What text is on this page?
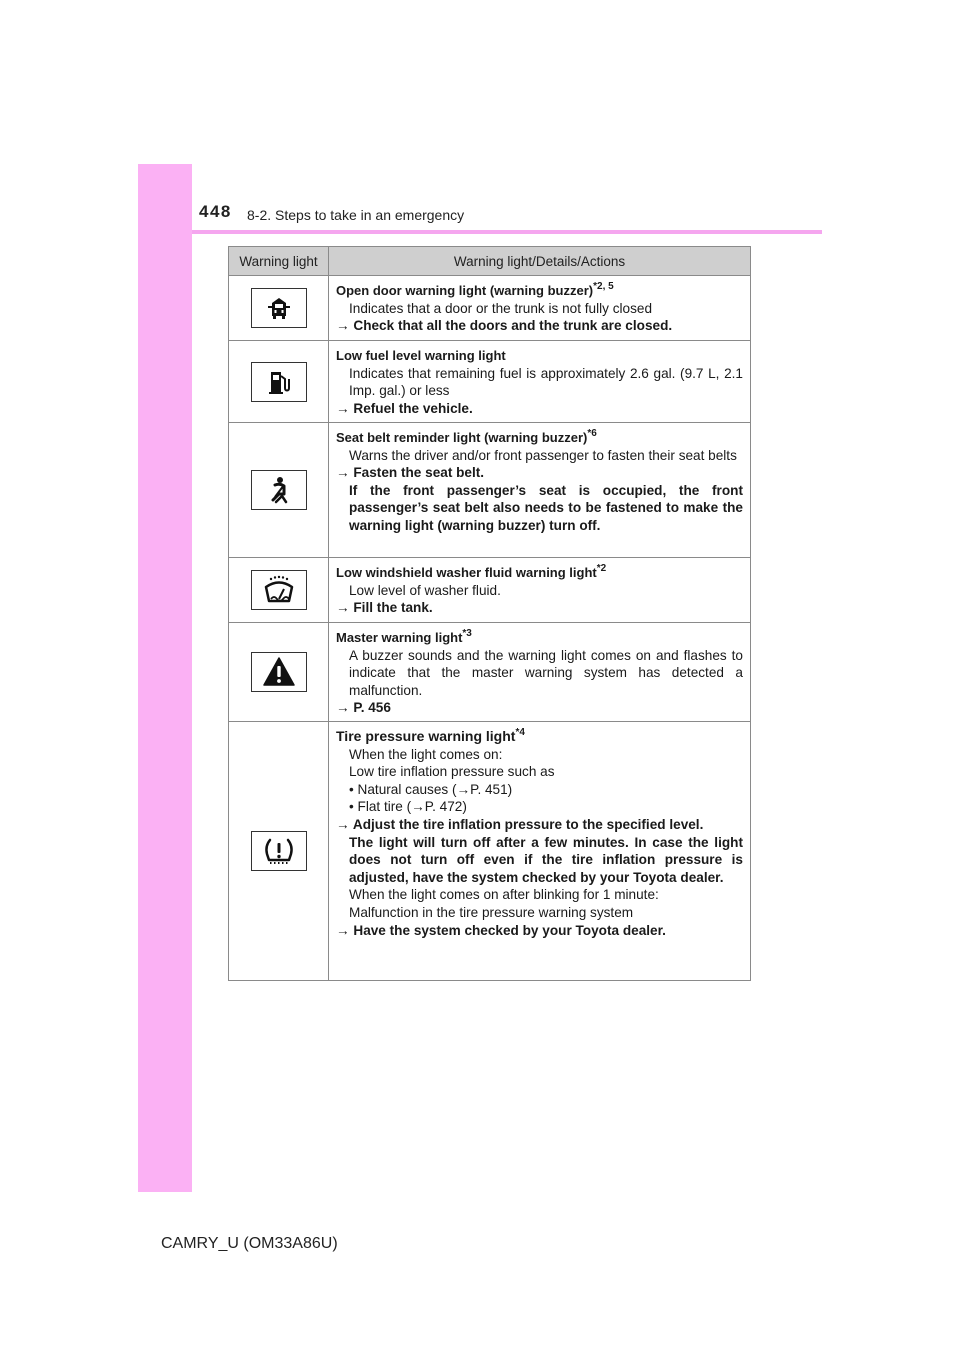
448 8-2. Steps to take in an emergency
Warning light	Warning light/Details/Actions
Open door warning light (warning buzzer)$^{*2, 5}$
Indicates that a door or the trunk is not fully closed
→ Check that all the doors and the trunk are closed.
Low fuel level warning light
Indicates that remaining fuel is approximately 2.6 gal. (9.7 L, 2.1 Imp. gal.) or less
→ Refuel the vehicle.
Seat belt reminder light (warning buzzer)$^{*6}$
Warns the driver and/or front passenger to fasten their seat belts
→ Fasten the seat belt.
If the front passenger’s seat is occupied, the front passenger’s seat belt also needs to be fastened to make the warning light (warning buzzer) turn off.
Low windshield washer fluid warning light$^{*2}$
Low level of washer fluid.
→ Fill the tank.
Master warning light$^{*3}$
A buzzer sounds and the warning light comes on and flashes to indicate that the master warning system has detected a malfunction.
→ P. 456
Tire pressure warning light$^{*4}$
When the light comes on:
Low tire inflation pressure such as
• Natural causes (→P. 451)
• Flat tire (→P. 472)
→ Adjust the tire inflation pressure to the specified level.
The light will turn off after a few minutes. In case the light does not turn off even if the tire inflation pressure is adjusted, have the system checked by your Toyota dealer.
When the light comes on after blinking for 1 minute:
Malfunction in the tire pressure warning system
→ Have the system checked by your Toyota dealer.
CAMRY_U (OM33A86U)
